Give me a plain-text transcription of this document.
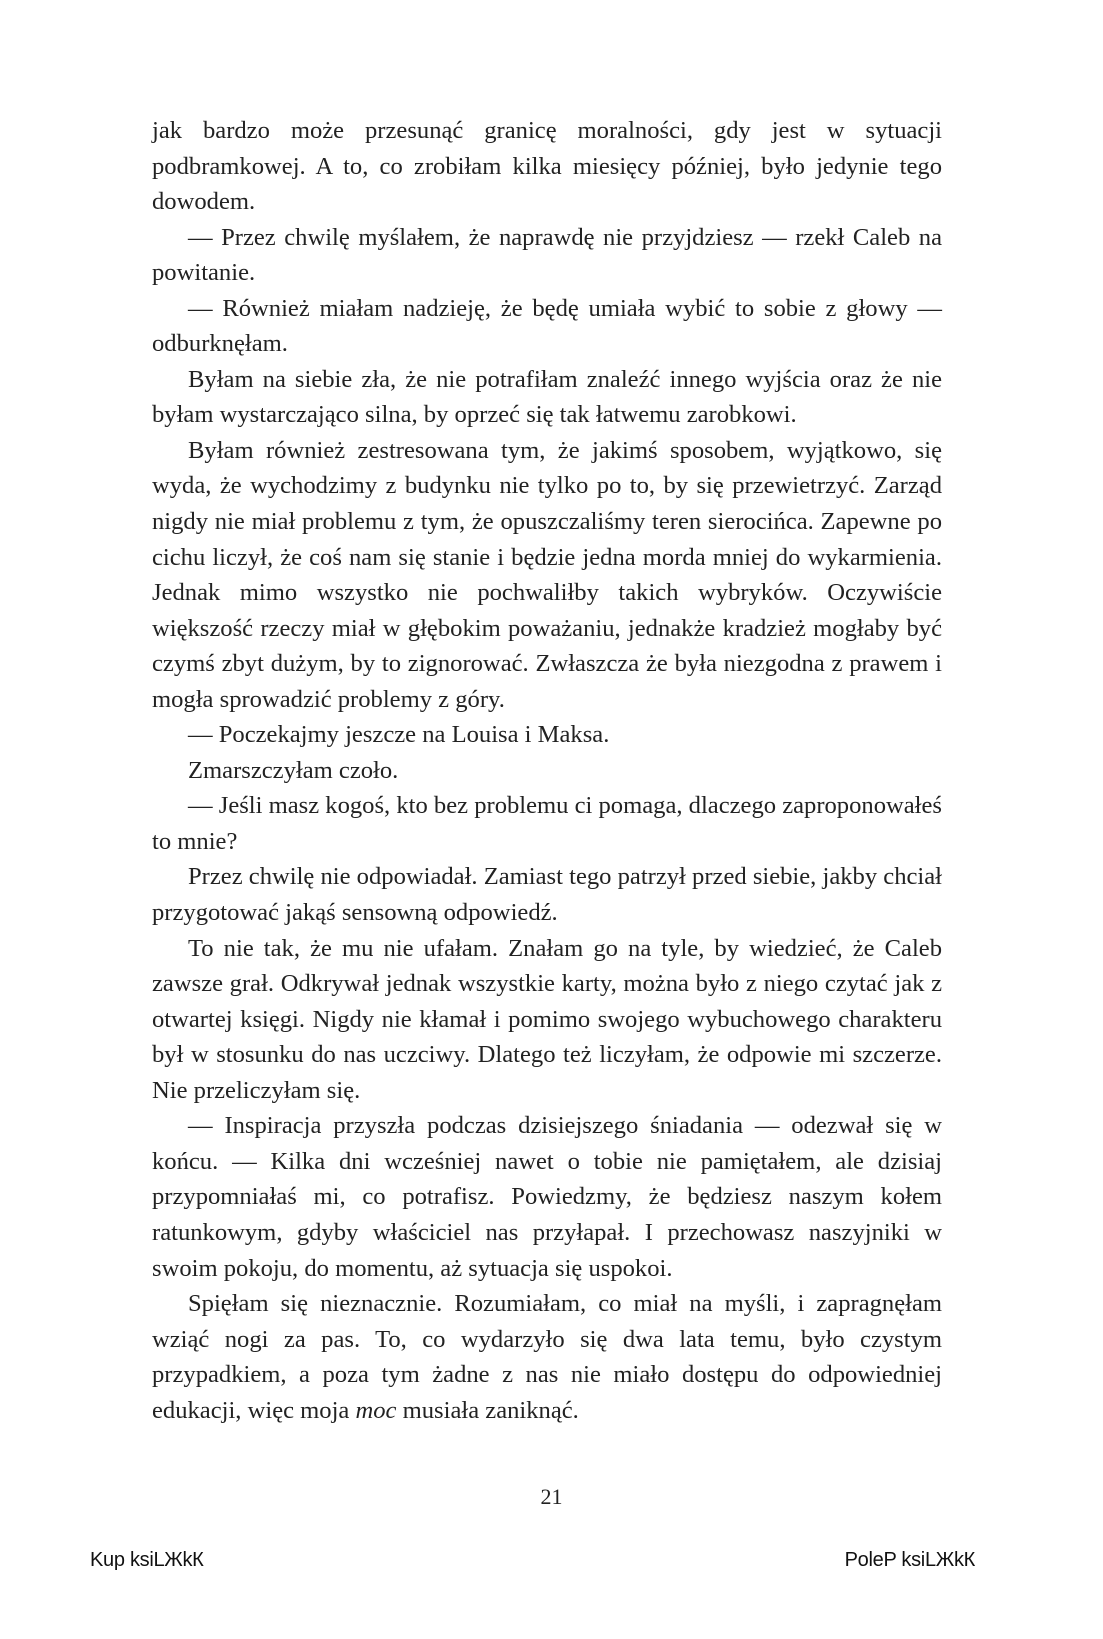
jak bardzo może przesunąć granicę moralności, gdy jest w sytuacji podbramkowej. A to, co zrobiłam kilka miesięcy później, było jedynie tego dowodem.

— Przez chwilę myślałem, że naprawdę nie przyjdziesz — rzekł Caleb na powitanie.

— Również miałam nadzieję, że będę umiała wybić to sobie z głowy — odburknęłam.

Byłam na siebie zła, że nie potrafiłam znaleźć innego wyjścia oraz że nie byłam wystarczająco silna, by oprzeć się tak łatwemu zarobkowi.

Byłam również zestresowana tym, że jakimś sposobem, wyjątkowo, się wyda, że wychodzimy z budynku nie tylko po to, by się przewietrzyć. Zarząd nigdy nie miał problemu z tym, że opuszczaliśmy teren sierocińca. Zapewne po cichu liczył, że coś nam się stanie i będzie jedna morda mniej do wykarmienia. Jednak mimo wszystko nie pochwaliłby takich wybryków. Oczywiście większość rzeczy miał w głębokim poważaniu, jednakże kradzież mogłaby być czymś zbyt dużym, by to zignorować. Zwłaszcza że była niezgodna z prawem i mogła sprowadzić problemy z góry.

— Poczekajmy jeszcze na Louisa i Maksa.

Zmarszczyłam czoło.

— Jeśli masz kogoś, kto bez problemu ci pomaga, dlaczego zaproponowałeś to mnie?

Przez chwilę nie odpowiadał. Zamiast tego patrzył przed siebie, jakby chciał przygotować jakąś sensowną odpowiedź.

To nie tak, że mu nie ufałam. Znałam go na tyle, by wiedzieć, że Caleb zawsze grał. Odkrywał jednak wszystkie karty, można było z niego czytać jak z otwartej księgi. Nigdy nie kłamał i pomimo swojego wybuchowego charakteru był w stosunku do nas uczciwy. Dlatego też liczyłam, że odpowie mi szczerze. Nie przeliczyłam się.

— Inspiracja przyszła podczas dzisiejszego śniadania — odezwał się w końcu. — Kilka dni wcześniej nawet o tobie nie pamiętałem, ale dzisiaj przypomniałaś mi, co potrafisz. Powiedzmy, że będziesz naszym kołem ratunkowym, gdyby właściciel nas przyłapał. I przechowasz naszyjniki w swoim pokoju, do momentu, aż sytuacja się uspokoi.

Spięłam się nieznacznie. Rozumiałam, co miał na myśli, i zapragnęłam wziąć nogi za pas. To, co wydarzyło się dwa lata temu, było czystym przypadkiem, a poza tym żadne z nas nie miało dostępu do odpowiedniej edukacji, więc moja moc musiała zaniknąć.

21
Kup ksiLЖkК	PoleP ksiLЖkК
